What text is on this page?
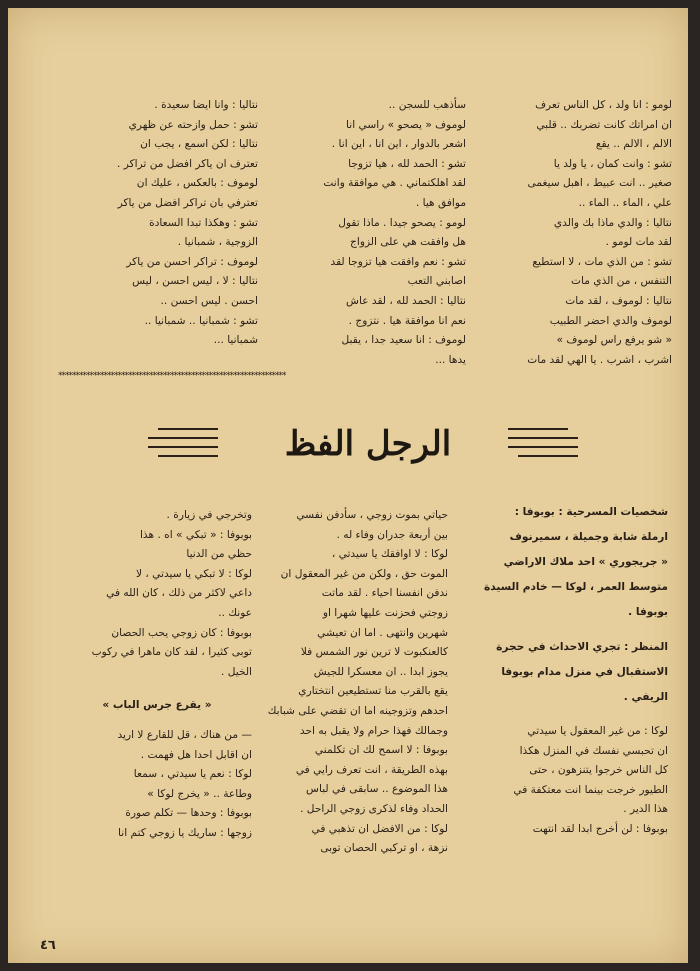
لومو : انا ولد ، كل الناس تعرف

ان امراتك كانت تضربك .. قلبي

الالم ، الالم .. يقع

تشو : وانت كمان ، يا ولد يا

صغير .. انت عبيط ، اهبل سيغمى

علي ، الماء .. الماء ..

نتاليا : والدي ماذا بك والدي

لقد مات لومو .

تشو : من الذي مات ، لا استطيع

التنفس ، من الذي مات

نتاليا : لوموف ، لقد مات

لوموف والدي احضر الطبيب

« شو يرفع راس لوموف »

اشرب ، اشرب . يا الهي لقد مات

سأذهب للسجن ..

لوموف « يصحو » راسي انا

اشعر بالدوار ، اين انا ، اين انا .

تشو : الحمد لله ، هيا تزوجا

لقد اهلكتماني . هي موافقة وانت

موافق هيا .

لومو : يصحو جيدا . ماذا تقول

هل وافقت هي على الزواج

تشو : نعم وافقت هيا تزوجا لقد

اصابني التعب

نتاليا : الحمد لله ، لقد عاش

نعم انا موافقة هيا . نتزوج .

لوموف : انا سعيد جدا ، يقبل

يدها ...

نتاليا : وانا ايضا سعيدة .

تشو : حمل وازحته عن ظهري

نتاليا : لكن اسمع ، يجب ان

تعترف ان ياكر افضل من تراكر .

لوموف : بالعكس ، عليك ان

تعترفي بان تراكر افضل من ياكر

تشو : وهكذا تبدا السعادة

الزوجية ، شمبانيا .

لوموف : تراكر احسن من ياكر

نتاليا : لا ، ليس احسن ، ليس

احسن . ليس احسن ..

تشو : شمبانيا .. شمبانيا ..

شمبانيا ...

*****************************************************************
الرجل الفظ

شخصيات المسرحية : بوبوفا :

ارملة شابة وجميلة ، سميرنوف

« جريجوري » احد ملاك الاراضي

متوسط العمر ، لوكا — خادم السيدة

بوبوفا .

المنظر : تجري الاحداث في حجرة

الاستقبال في منزل مدام بوبوفا

الريفي .

لوكا : من غير المعقول يا سيدتي

ان تحبسي نفسك في المنزل هكذا

كل الناس خرجوا يتنزهون ، حتى

الطيور خرجت بينما انت معتكفة في

هذا الدير .

بوبوفا : لن أخرج ابدا لقد انتهت

حياتي بموت زوجي ، سأدفن نفسي

بين أربعة جدران وفاء له .

لوكا : لا اوافقك يا سيدتي ،

الموت حق ، ولكن من غير المعقول ان

ندفن انفسنا احياء . لقد ماتت

زوجتي فحزنت عليها شهرا او

شهرين وانتهى . اما ان تعيشي

كالعنكبوت لا ترين نور الشمس فلا

يجوز ابدا .. ان معسكرا للجيش

يقع بالقرب منا تستطيعين انتختاري

احدهم وتزوجينه اما ان تقضي على شبابك

وجمالك فهذا حرام ولا يقبل به احد

بوبوفا : لا اسمح لك ان تكلمني

بهذه الطريقة ، انت تعرف رايي في

هذا الموضوع .. سابقى في لباس

الحداد وفاء لذكرى زوجي الراحل .

لوكا : من الافضل ان تذهبي في

نزهة ، او تركبي الحصان توبى

وتخرجي في زيارة .

بوبوفا : « تبكي » اه . هذا

حظي من الدنيا

لوكا : لا تبكي يا سيدتي ، لا

داعي لاكثر من ذلك ، كان الله في

عونك ..

بوبوفا : كان زوجي يحب الحصان

توبى كثيرا ، لقد كان ماهرا في ركوب

الخيل .

« يقرع جرس الباب »

— من هناك ، قل للقارع لا اريد

ان اقابل احدا هل فهمت .

لوكا : نعم يا سيدتي ، سمعا

وطاعة .. « يخرج لوكا »

بوبوفا : وحدها — تكلم صورة

زوجها : ساريك يا زوجي كتم انا

٤٦
